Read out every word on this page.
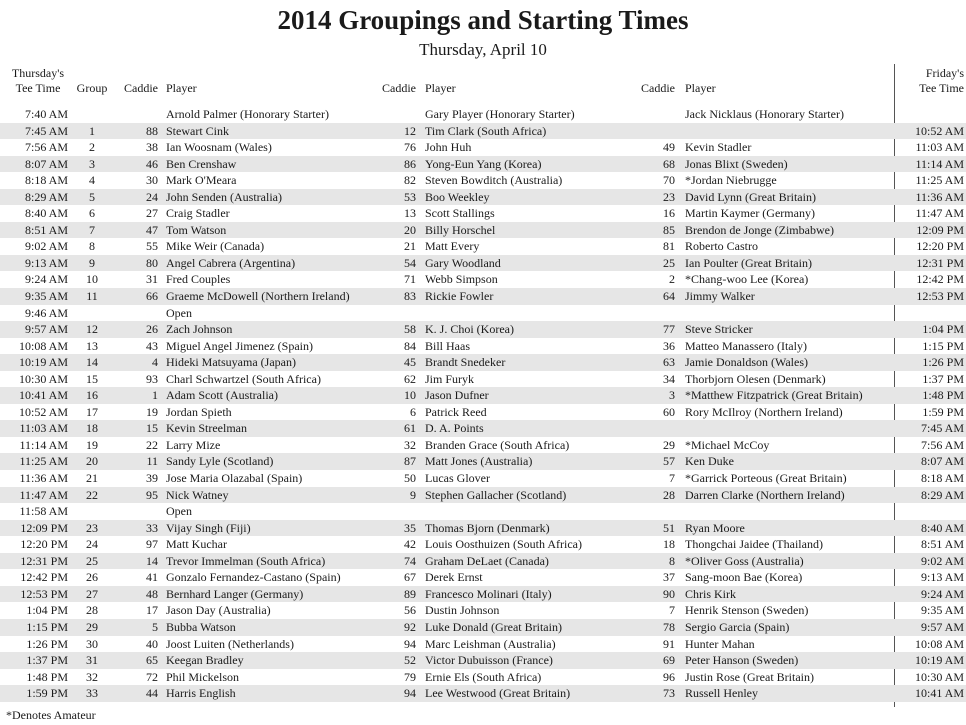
2014 Groupings and Starting Times
Thursday, April 10
Thursday's
Tee Time	Group	Caddie Player	Caddie Player	Caddie Player
Friday's
Tee Time
7:40 AM	Arnold Palmer (Honorary Starter)	Gary Player (Honorary Starter)	Jack Nicklaus (Honorary Starter)
7:45 AM	1	88 Stewart Cink	12 Tim Clark (South Africa)	10:52 AM
7:56 AM	2	38 Ian Woosnam (Wales)	76 John Huh	49 Kevin Stadler	11:03 AM
8:07 AM	3	46 Ben Crenshaw	86 Yong-Eun Yang (Korea)	68 Jonas Blixt (Sweden)	11:14 AM
8:18 AM	4	30 Mark O'Meara	82 Steven Bowditch (Australia)	70 *Jordan Niebrugge	11:25 AM
8:29 AM	5	24 John Senden (Australia)	53 Boo Weekley	23 David Lynn (Great Britain)	11:36 AM
8:40 AM	6	27 Craig Stadler	13 Scott Stallings	16 Martin Kaymer (Germany)	11:47 AM
8:51 AM	7	47 Tom Watson	20 Billy Horschel	85 Brendon de Jonge (Zimbabwe)	12:09 PM
9:02 AM	8	55 Mike Weir (Canada)	21 Matt Every	81 Roberto Castro	12:20 PM
9:13 AM	9	80 Angel Cabrera (Argentina)	54 Gary Woodland	25 Ian Poulter (Great Britain)	12:31 PM
9:24 AM	10	31 Fred Couples	71 Webb Simpson	2 *Chang-woo Lee (Korea)	12:42 PM
9:35 AM	11	66 Graeme McDowell (Northern Ireland)	83 Rickie Fowler	64 Jimmy Walker	12:53 PM
9:46 AM	Open
9:57 AM	12	26 Zach Johnson	58 K. J. Choi (Korea)	77 Steve Stricker	1:04 PM
10:08 AM	13	43 Miguel Angel Jimenez (Spain)	84 Bill Haas	36 Matteo Manassero (Italy)	1:15 PM
10:19 AM	14	4 Hideki Matsuyama (Japan)	45 Brandt Snedeker	63 Jamie Donaldson (Wales)	1:26 PM
10:30 AM	15	93 Charl Schwartzel (South Africa)	62 Jim Furyk	34 Thorbjorn Olesen (Denmark)	1:37 PM
10:41 AM	16	1 Adam Scott (Australia)	10 Jason Dufner	3 *Matthew Fitzpatrick (Great Britain)	1:48 PM
10:52 AM	17	19 Jordan Spieth	6 Patrick Reed	60 Rory McIlroy (Northern Ireland)	1:59 PM
11:03 AM	18	15 Kevin Streelman	61 D. A. Points	7:45 AM
11:14 AM	19	22 Larry Mize	32 Branden Grace (South Africa)	29 *Michael McCoy	7:56 AM
11:25 AM	20	11 Sandy Lyle (Scotland)	87 Matt Jones (Australia)	57 Ken Duke	8:07 AM
11:36 AM	21	39 Jose Maria Olazabal (Spain)	50 Lucas Glover	7 *Garrick Porteous (Great Britain)	8:18 AM
11:47 AM	22	95 Nick Watney	9 Stephen Gallacher (Scotland)	28 Darren Clarke (Northern Ireland)	8:29 AM
11:58 AM	Open
12:09 PM	23	33 Vijay Singh (Fiji)	35 Thomas Bjorn (Denmark)	51 Ryan Moore	8:40 AM
12:20 PM	24	97 Matt Kuchar	42 Louis Oosthuizen (South Africa)	18 Thongchai Jaidee (Thailand)	8:51 AM
12:31 PM	25	14 Trevor Immelman (South Africa)	74 Graham DeLaet (Canada)	8 *Oliver Goss (Australia)	9:02 AM
12:42 PM	26	41 Gonzalo Fernandez-Castano (Spain)	67 Derek Ernst	37 Sang-moon Bae (Korea)	9:13 AM
12:53 PM	27	48 Bernhard Langer (Germany)	89 Francesco Molinari (Italy)	90 Chris Kirk	9:24 AM
1:04 PM	28	17 Jason Day (Australia)	56 Dustin Johnson	7 Henrik Stenson (Sweden)	9:35 AM
1:15 PM	29	5 Bubba Watson	92 Luke Donald (Great Britain)	78 Sergio Garcia (Spain)	9:57 AM
1:26 PM	30	40 Joost Luiten (Netherlands)	94 Marc Leishman (Australia)	91 Hunter Mahan	10:08 AM
1:37 PM	31	65 Keegan Bradley	52 Victor Dubuisson (France)	69 Peter Hanson (Sweden)	10:19 AM
1:48 PM	32	72 Phil Mickelson	79 Ernie Els (South Africa)	96 Justin Rose (Great Britain)	10:30 AM
1:59 PM	33	44 Harris English	94 Lee Westwood (Great Britain)	73 Russell Henley	10:41 AM
*Denotes Amateur
